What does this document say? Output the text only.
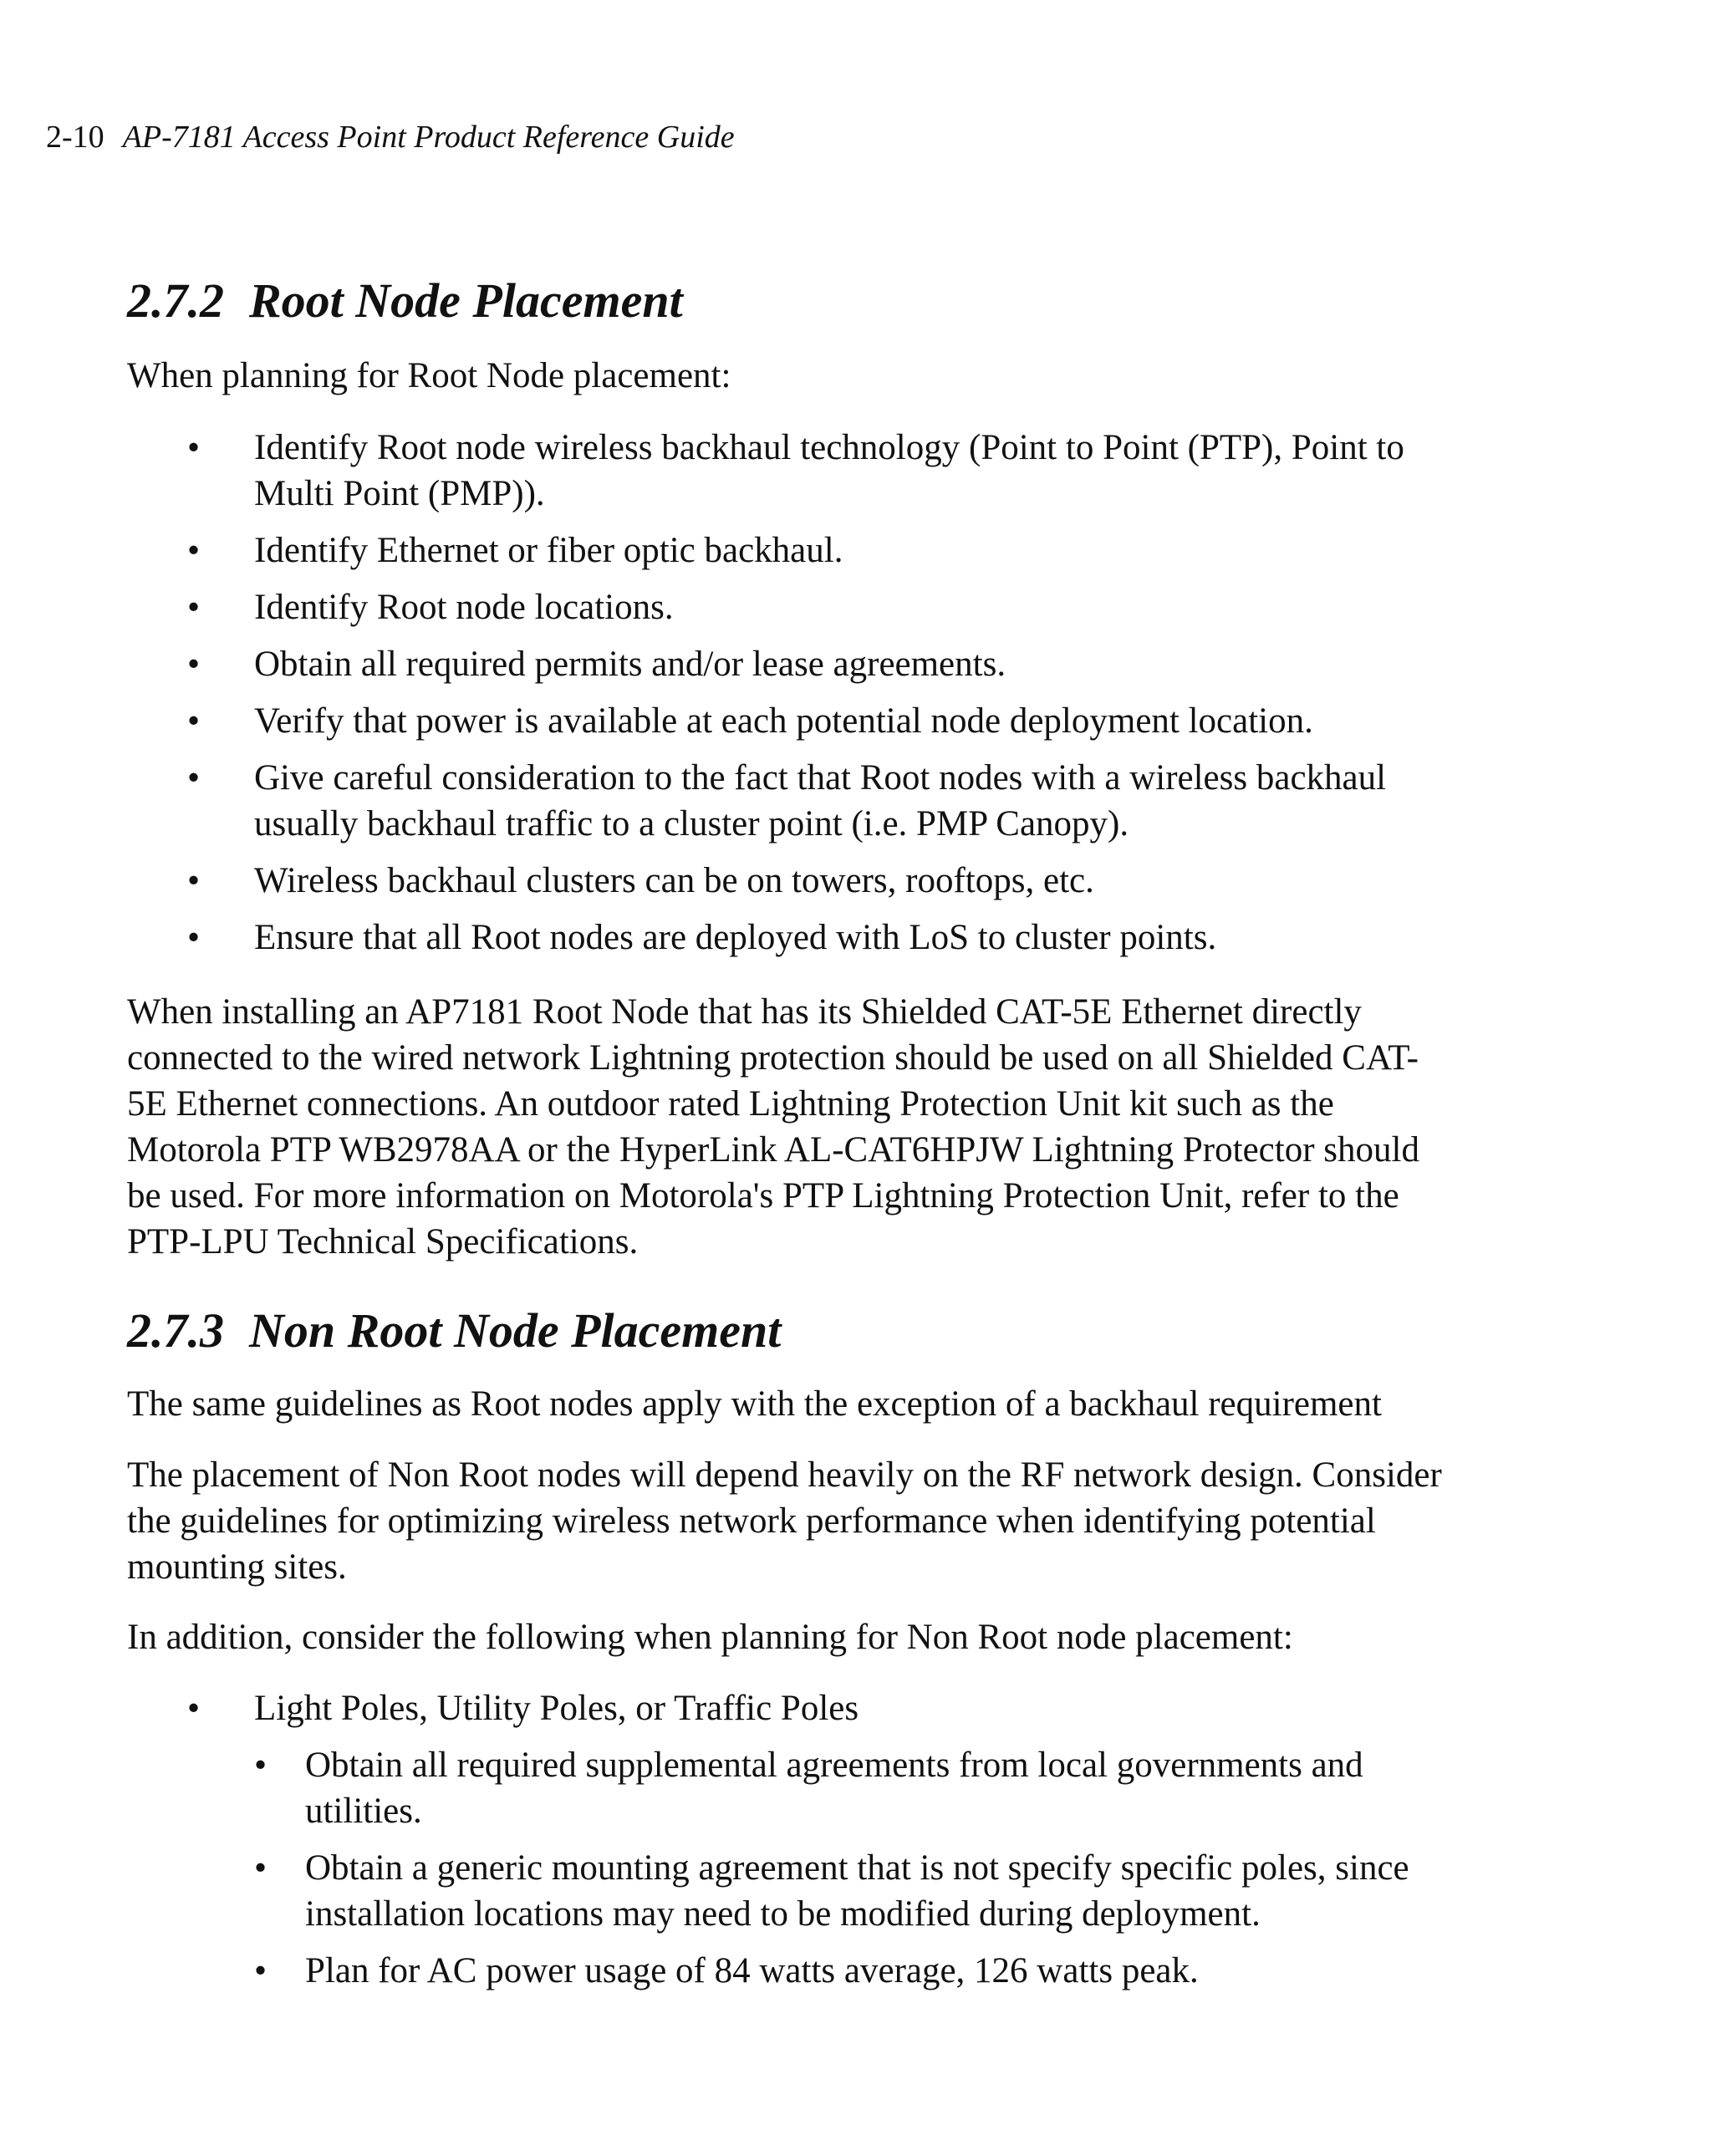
2-10 AP-7181 Access Point Product Reference Guide
2.7.2 Root Node Placement

When planning for Root Node placement:

• Identify Root node wireless backhaul technology (Point to Point (PTP), Point to
Multi Point (PMP)).
• Identify Ethernet or fiber optic backhaul.
• Identify Root node locations.
• Obtain all required permits and/or lease agreements.
• Verify that power is available at each potential node deployment location.
• Give careful consideration to the fact that Root nodes with a wireless backhaul
usually backhaul traffic to a cluster point (i.e. PMP Canopy).
• Wireless backhaul clusters can be on towers, rooftops, etc.
• Ensure that all Root nodes are deployed with LoS to cluster points.
When installing an AP7181 Root Node that has its Shielded CAT-5E Ethernet directly
connected to the wired network Lightning protection should be used on all Shielded CAT-
5E Ethernet connections. An outdoor rated Lightning Protection Unit kit such as the
Motorola PTP WB2978AA or the HyperLink AL-CAT6HPJW Lightning Protector should
be used. For more information on Motorola's PTP Lightning Protection Unit, refer to the
PTP-LPU Technical Specifications.
2.7.3 Non Root Node Placement

The same guidelines as Root nodes apply with the exception of a backhaul requirement

The placement of Non Root nodes will depend heavily on the RF network design. Consider
the guidelines for optimizing wireless network performance when identifying potential
mounting sites.

In addition, consider the following when planning for Non Root node placement:

• Light Poles, Utility Poles, or Traffic Poles
• Obtain all required supplemental agreements from local governments and
utilities.
• Obtain a generic mounting agreement that is not specify specific poles, since
installation locations may need to be modified during deployment.
• Plan for AC power usage of 84 watts average, 126 watts peak.
